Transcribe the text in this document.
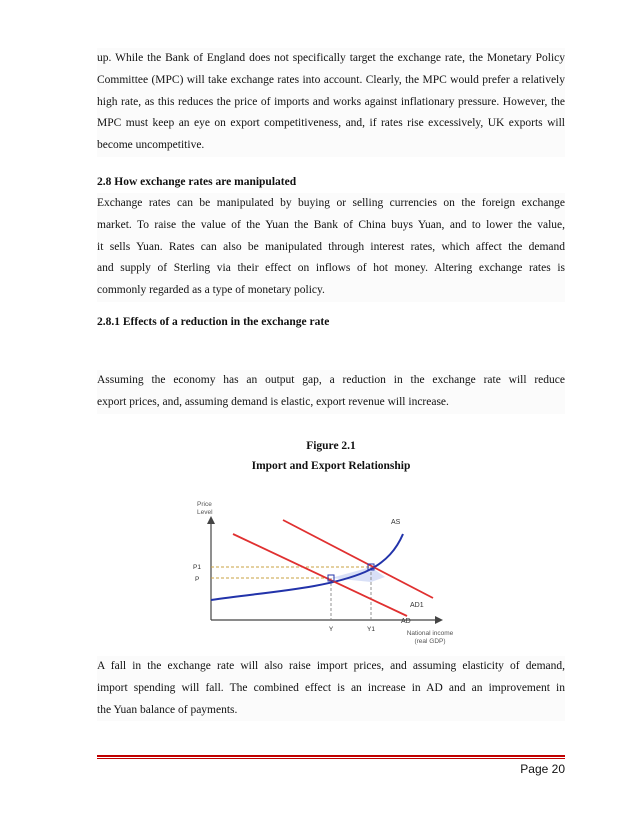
up. While the Bank of England does not specifically target the exchange rate, the Monetary Policy
Committee (MPC) will take exchange rates into account. Clearly, the MPC would prefer a relatively
high rate, as this reduces the price of imports and works against inflationary pressure. However, the
MPC must keep an eye on export competitiveness, and, if rates rise excessively, UK exports will
become uncompetitive.
2.8 How exchange rates are manipulated
Exchange rates can be manipulated by buying or selling currencies on the foreign exchange
market. To raise the value of the Yuan the Bank of China buys Yuan, and to lower the value,
it sells Yuan. Rates can also be manipulated through interest rates, which affect the demand
and supply of Sterling via their effect on inflows of hot money. Altering exchange rates is
commonly regarded as a type of monetary policy.
2.8.1 Effects of a reduction in the exchange rate
Assuming the economy has an output gap, a reduction in the exchange rate will reduce
export prices, and, assuming demand is elastic, export revenue will increase.
Figure 2.1
Import and Export Relationship
Price
Level
National income
(real GDP)
AS
AD1
AD
P1
P
Y	Y1
A fall in the exchange rate will also raise import prices, and assuming elasticity of demand,
import spending will fall. The combined effect is an increase in AD and an improvement in
the Yuan balance of payments.
Page 20
